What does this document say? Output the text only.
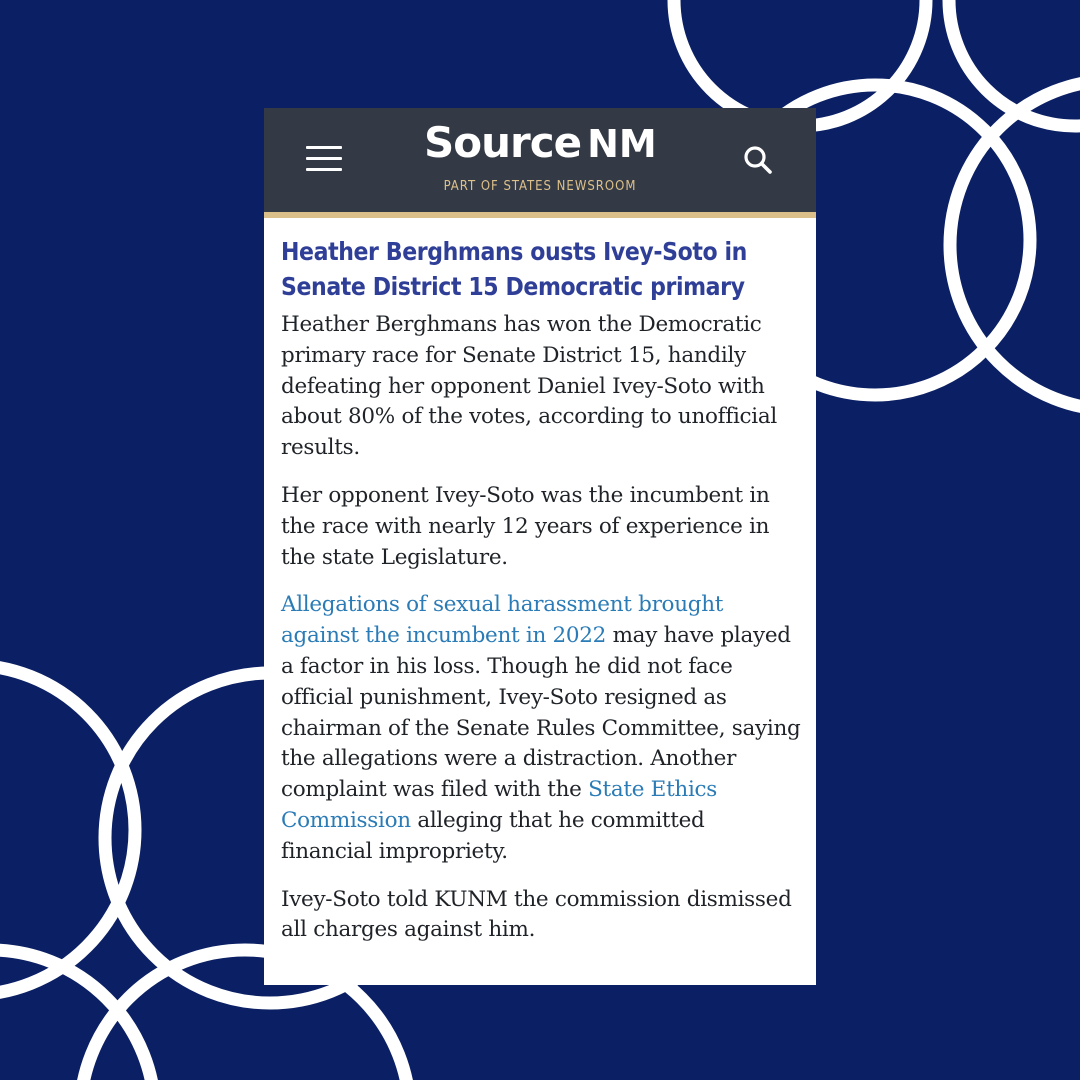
Source NM
PART OF STATES NEWSROOM
Heather Berghmans ousts Ivey-Soto in Senate District 15 Democratic primary

Heather Berghmans has won the Democratic primary race for Senate District 15, handily defeating her opponent Daniel Ivey-Soto with about 80% of the votes, according to unofficial results.

Her opponent Ivey-Soto was the incumbent in the race with nearly 12 years of experience in the state Legislature.

Allegations of sexual harassment brought against the incumbent in 2022 may have played a factor in his loss. Though he did not face official punishment, Ivey-Soto resigned as chairman of the Senate Rules Committee, saying the allegations were a distraction. Another complaint was filed with the State Ethics Commission alleging that he committed financial impropriety.

Ivey-Soto told KUNM the commission dismissed all charges against him.
